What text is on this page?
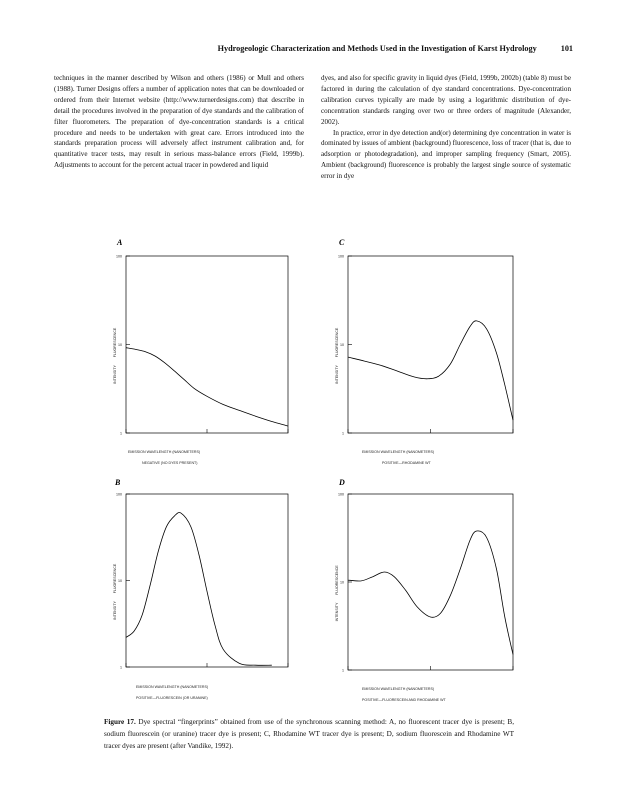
Hydrogeologic Characterization and Methods Used in the Investigation of Karst Hydrology	101

techniques in the manner described by Wilson and others (1986) or Mull and others (1988). Turner Designs offers a number of application notes that can be downloaded or ordered from their Internet website (http://www.turnerdesigns.com) that describe in detail the procedures involved in the preparation of dye standards and the calibration of filter fluorometers. The preparation of dye-concentration standards is a critical procedure and needs to be undertaken with great care. Errors introduced into the standards preparation process will adversely affect instrument calibration and, for quantitative tracer tests, may result in serious mass-balance errors (Field, 1999b). Adjustments to account for the percent actual tracer in powdered and liquid

dyes, and also for specific gravity in liquid dyes (Field, 1999b, 2002b) (table 8) must be factored in during the calculation of dye standard concentrations. Dye-concentration calibration curves typically are made by using a logarithmic distribution of dye-concentration standards ranging over two or three orders of magnitude (Alexander, 2002).

In practice, error in dye detection and(or) determining dye concentration in water is dominated by issues of ambient (background) fluorescence, loss of tracer (that is, due to adsorption or photodegradation), and improper sampling frequency (Smart, 2005). Ambient (background) fluorescence is probably the largest single source of systematic error in dye

A
1
10
100
FLUORESCENCE
INTENSITY
EMISSION WAVELENGTH (NANOMETERS)
NEGATIVE (NO DYES PRESENT)
C
1
10
100
FLUORESCENCE
INTENSITY
EMISSION WAVELENGTH (NANOMETERS)
POSITIVE—RHODAMINE WT
B
1
10
100
FLUORESCENCE
INTENSITY
EMISSION WAVELENGTH (NANOMETERS)
POSITIVE—FLUORESCEIN (OR URANINE)
D
1
10
100
FLUORESCENCE
INTENSITY
EMISSION WAVELENGTH (NANOMETERS)
POSITIVE—FLUORESCEIN AND RHODAMINE WT
Figure 17. Dye spectral “fingerprints” obtained from use of the synchronous scanning method: A, no fluorescent tracer dye is present; B, sodium fluorescein (or uranine) tracer dye is present; C, Rhodamine WT tracer dye is present; D, sodium fluorescein and Rhodamine WT tracer dyes are present (after Vandike, 1992).
